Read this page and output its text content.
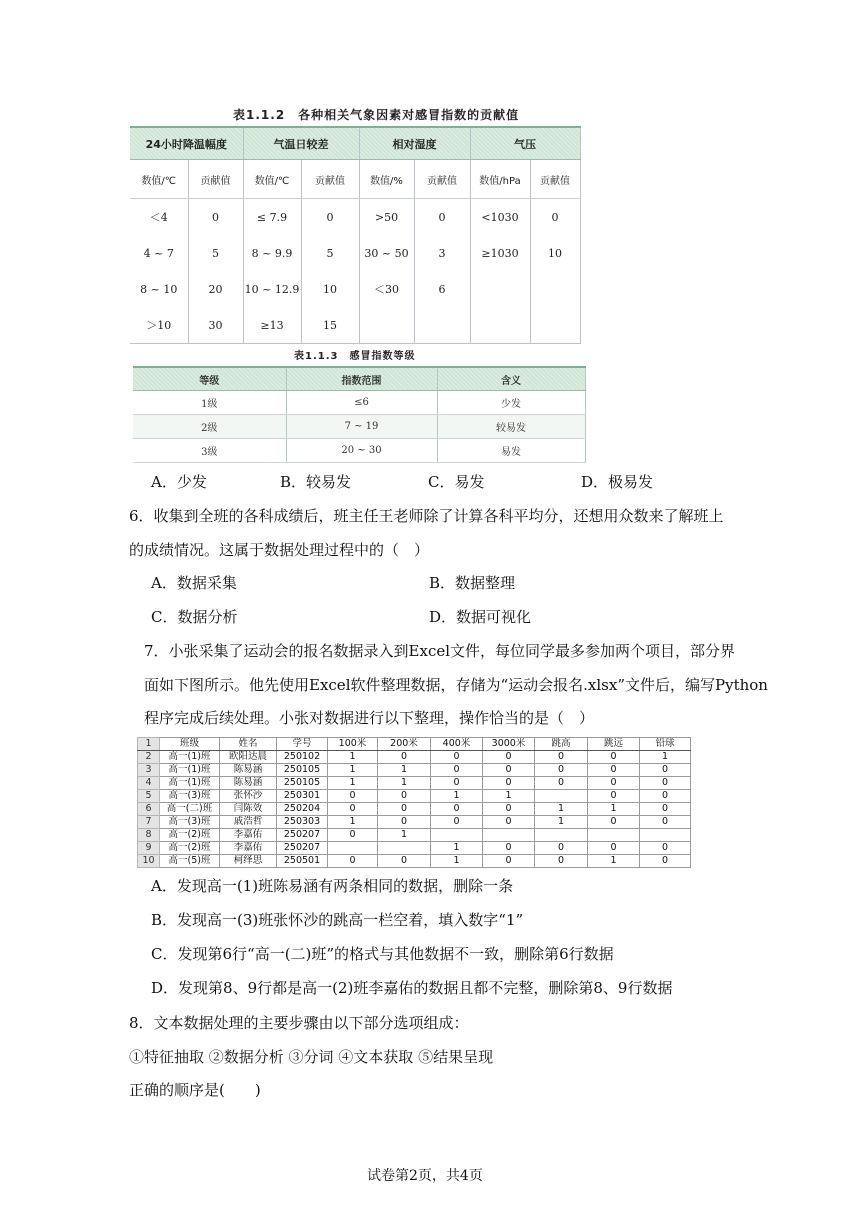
表1.1.2　各种相关气象因素对感冒指数的贡献值
24小时降温幅度		气温日较差		相对湿度		气压	
数值/℃	贡献值	数值/℃	贡献值	数值/%	贡献值	数值/hPa	贡献值
＜4	0	≤ 7.9	0	>50	0	<1030	0
4 ~ 7	5	8 ~ 9.9	5	30 ~ 50	3	≥1030	10
8 ~ 10	20	10 ~ 12.9	10	＜30	6		
＞10	30	≥13	15				
表1.1.3　感冒指数等级
等级	指数范围	含义
1级	≤6	少发
2级	7 ~ 19	较易发
3级	20 ~ 30	易发
A．少发	B．较易发	C．易发	D．极易发
6．收集到全班的各科成绩后，班主任王老师除了计算各科平均分，还想用众数来了解班上
的成绩情况。这属于数据处理过程中的（　）
A．数据采集	B．数据整理
C．数据分析	D．数据可视化
7．小张采集了运动会的报名数据录入到Excel文件，每位同学最多参加两个项目，部分界
面如下图所示。他先使用Excel软件整理数据，存储为“运动会报名.xlsx”文件后，编写Python
程序完成后续处理。小张对数据进行以下整理，操作恰当的是（　）
1	班级	姓名	学号	100米	200米	400米	3000米	跳高	跳远	铅球
2	高一(1)班	欧阳达晨	250102	1	0	0	0	0	0	1
3	高一(1)班	陈易涵	250105	1	1	0	0	0	0	0
4	高一(1)班	陈易涵	250105	1	1	0	0	0	0	0
5	高一(3)班	张怀沙	250301	0	0	1	1		0	0
6	高一(二)班	闫陈效	250204	0	0	0	0	1	1	0
7	高一(3)班	戚浩哲	250303	1	0	0	0	1	0	0
8	高一(2)班	李嘉佑	250207	0	1					
9	高一(2)班	李嘉佑	250207			1	0	0	0	0
10	高一(5)班	柯绎思	250501	0	0	1	0	0	1	0
A．发现高一(1)班陈易涵有两条相同的数据，删除一条
B．发现高一(3)班张怀沙的跳高一栏空着，填入数字“1”
C．发现第6行“高一(二)班”的格式与其他数据不一致，删除第6行数据
D．发现第8、9行都是高一(2)班李嘉佑的数据且都不完整，删除第8、9行数据
8．文本数据处理的主要步骤由以下部分选项组成：
①特征抽取 ②数据分析 ③分词 ④文本获取 ⑤结果呈现
正确的顺序是(　　)
试卷第2页，共4页
